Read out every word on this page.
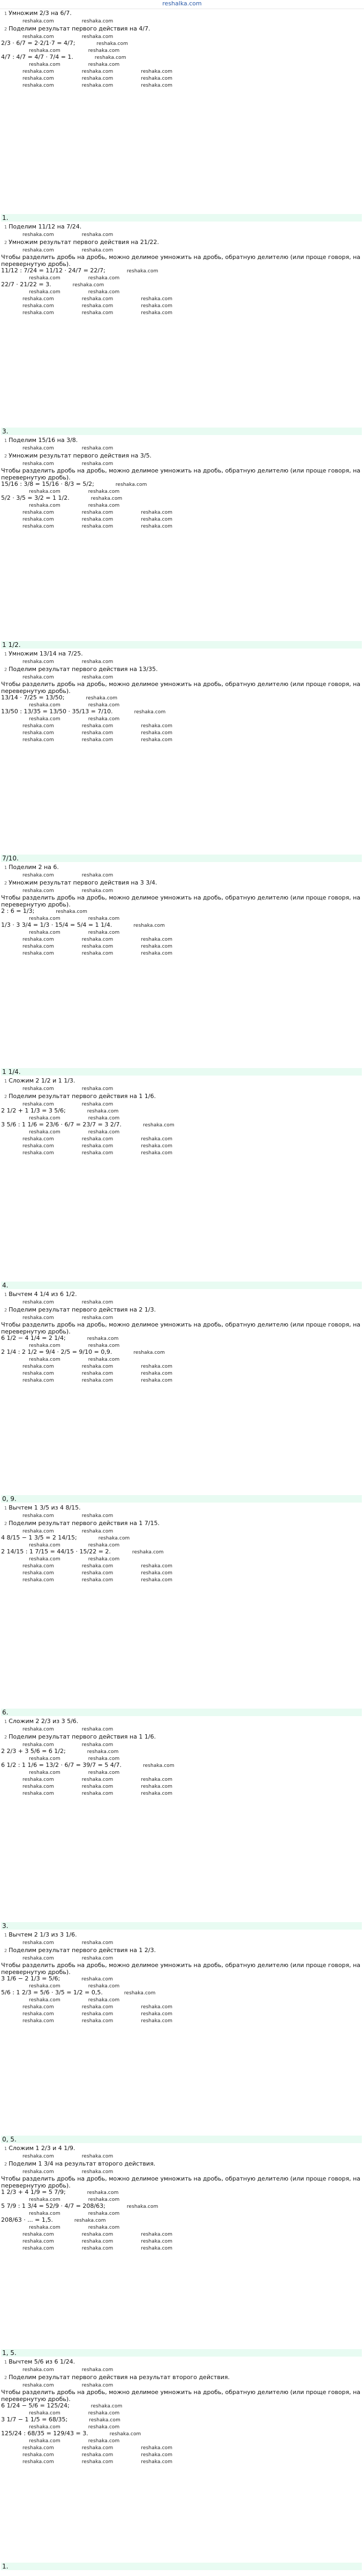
reshalka.com
1 Умножим 2/3 на 6/7.
reshaka.com	reshaka.com
2 Поделим результат первого действия на 4/7.
reshaka.com	reshaka.com
2/3 · 6/7 = 2·2/1·7 = 4/7;	reshaka.com
reshaka.com	reshaka.com
4/7 : 4/7 = 4/7 · 7/4 = 1.	reshaka.com
reshaka.com	reshaka.com
reshaka.com	reshaka.com	reshaka.com
reshaka.com	reshaka.com	reshaka.com
reshaka.com	reshaka.com	reshaka.com
1.
1 Поделим 11/12 на 7/24.
reshaka.com	reshaka.com
2 Умножим результат первого действия на 21/22.
reshaka.com	reshaka.com
Чтобы разделить дробь на дробь, можно делимое умножить на дробь, обратную делителю (или проще говоря, на перевернутую дробь).
11/12 : 7/24 = 11/12 · 24/7 = 22/7;	reshaka.com
reshaka.com	reshaka.com
22/7 · 21/22 = 3.	reshaka.com
reshaka.com	reshaka.com
reshaka.com	reshaka.com	reshaka.com
reshaka.com	reshaka.com	reshaka.com
reshaka.com	reshaka.com	reshaka.com
3.
1 Поделим 15/16 на 3/8.
reshaka.com	reshaka.com
2 Умножим результат первого действия на 3/5.
reshaka.com	reshaka.com
Чтобы разделить дробь на дробь, можно делимое умножить на дробь, обратную делителю (или проще говоря, на перевернутую дробь).
15/16 : 3/8 = 15/16 · 8/3 = 5/2;	reshaka.com
reshaka.com	reshaka.com
5/2 · 3/5 = 3/2 = 1 1/2.	reshaka.com
reshaka.com	reshaka.com
reshaka.com	reshaka.com	reshaka.com
reshaka.com	reshaka.com	reshaka.com
reshaka.com	reshaka.com	reshaka.com
1 1/2.
1 Умножим 13/14 на 7/25.
reshaka.com	reshaka.com
2 Поделим результат первого действия на 13/35.
reshaka.com	reshaka.com
Чтобы разделить дробь на дробь, можно делимое умножить на дробь, обратную делителю (или проще говоря, на перевернутую дробь).
13/14 · 7/25 = 13/50;	reshaka.com
reshaka.com	reshaka.com
13/50 : 13/35 = 13/50 · 35/13 = 7/10.	reshaka.com
reshaka.com	reshaka.com
reshaka.com	reshaka.com	reshaka.com
reshaka.com	reshaka.com	reshaka.com
reshaka.com	reshaka.com	reshaka.com
7/10.
1 Поделим 2 на 6.
reshaka.com	reshaka.com
2 Умножим результат первого действия на 3 3/4.
reshaka.com	reshaka.com
Чтобы разделить дробь на дробь, можно делимое умножить на дробь, обратную делителю (или проще говоря, на перевернутую дробь).
2 : 6 = 1/3;	reshaka.com
reshaka.com	reshaka.com
1/3 · 3 3/4 = 1/3 · 15/4 = 5/4 = 1 1/4.	reshaka.com
reshaka.com	reshaka.com
reshaka.com	reshaka.com	reshaka.com
reshaka.com	reshaka.com	reshaka.com
reshaka.com	reshaka.com	reshaka.com
1 1/4.
1 Сложим 2 1/2 и 1 1/3.
reshaka.com	reshaka.com
2 Поделим результат первого действия на 1 1/6.
reshaka.com	reshaka.com
2 1/2 + 1 1/3 = 3 5/6;	reshaka.com
reshaka.com	reshaka.com
3 5/6 : 1 1/6 = 23/6 · 6/7 = 23/7 = 3 2/7.	reshaka.com
reshaka.com	reshaka.com
reshaka.com	reshaka.com	reshaka.com
reshaka.com	reshaka.com	reshaka.com
reshaka.com	reshaka.com	reshaka.com
4.
1 Вычтем 4 1/4 из 6 1/2.
reshaka.com	reshaka.com
2 Поделим результат первого действия на 2 1/3.
reshaka.com	reshaka.com
Чтобы разделить дробь на дробь, можно делимое умножить на дробь, обратную делителю (или проще говоря, на перевернутую дробь).
6 1/2 − 4 1/4 = 2 1/4;	reshaka.com
reshaka.com	reshaka.com
2 1/4 : 2 1/2 = 9/4 · 2/5 = 9/10 = 0,9.	reshaka.com
reshaka.com	reshaka.com
reshaka.com	reshaka.com	reshaka.com
reshaka.com	reshaka.com	reshaka.com
reshaka.com	reshaka.com	reshaka.com
0, 9.
1 Вычтем 1 3/5 из 4 8/15.
reshaka.com	reshaka.com
2 Поделим результат первого действия на 1 7/15.
reshaka.com	reshaka.com
4 8/15 − 1 3/5 = 2 14/15;	reshaka.com
reshaka.com	reshaka.com
2 14/15 : 1 7/15 = 44/15 · 15/22 = 2.	reshaka.com
reshaka.com	reshaka.com
reshaka.com	reshaka.com	reshaka.com
reshaka.com	reshaka.com	reshaka.com
reshaka.com	reshaka.com	reshaka.com
6.
1 Сложим 2 2/3 из 3 5/6.
reshaka.com	reshaka.com
2 Поделим результат первого действия на 1 1/6.
reshaka.com	reshaka.com
2 2/3 + 3 5/6 = 6 1/2;	reshaka.com
reshaka.com	reshaka.com
6 1/2 : 1 1/6 = 13/2 · 6/7 = 39/7 = 5 4/7.	reshaka.com
reshaka.com	reshaka.com
reshaka.com	reshaka.com	reshaka.com
reshaka.com	reshaka.com	reshaka.com
reshaka.com	reshaka.com	reshaka.com
3.
1 Вычтем 2 1/3 из 3 1/6.
reshaka.com	reshaka.com
2 Поделим результат первого действия на 1 2/3.
reshaka.com	reshaka.com
Чтобы разделить дробь на дробь, можно делимое умножить на дробь, обратную делителю (или проще говоря, на перевернутую дробь).
3 1/6 − 2 1/3 = 5/6;	reshaka.com
reshaka.com	reshaka.com
5/6 : 1 2/3 = 5/6 · 3/5 = 1/2 = 0,5.	reshaka.com
reshaka.com	reshaka.com
reshaka.com	reshaka.com	reshaka.com
reshaka.com	reshaka.com	reshaka.com
reshaka.com	reshaka.com	reshaka.com
0, 5.
1 Сложим 1 2/3 и 4 1/9.
reshaka.com	reshaka.com
2 Поделим 1 3/4 на результат второго действия.
reshaka.com	reshaka.com
Чтобы разделить дробь на дробь, можно делимое умножить на дробь, обратную делителю (или проще говоря, на перевернутую дробь).
1 2/3 + 4 1/9 = 5 7/9;	reshaka.com
reshaka.com	reshaka.com
5 7/9 : 1 3/4 = 52/9 · 4/7 = 208/63;	reshaka.com
reshaka.com	reshaka.com
208/63 · ... = 1,5.	reshaka.com
reshaka.com	reshaka.com
reshaka.com	reshaka.com	reshaka.com
reshaka.com	reshaka.com	reshaka.com
reshaka.com	reshaka.com	reshaka.com
1, 5.
1 Вычтем 5/6 из 6 1/24.
reshaka.com	reshaka.com
2 Поделим результат первого действия на результат второго действия.
reshaka.com	reshaka.com
Чтобы разделить дробь на дробь, можно делимое умножить на дробь, обратную делителю (или проще говоря, на перевернутую дробь).
6 1/24 − 5/6 = 125/24;	reshaka.com
reshaka.com	reshaka.com
3 1/7 − 1 1/5 = 68/35;	reshaka.com
reshaka.com	reshaka.com
125/24 : 68/35 = 129/43 = 3.	reshaka.com
reshaka.com	reshaka.com
reshaka.com	reshaka.com	reshaka.com
reshaka.com	reshaka.com	reshaka.com
reshaka.com	reshaka.com	reshaka.com
1.
